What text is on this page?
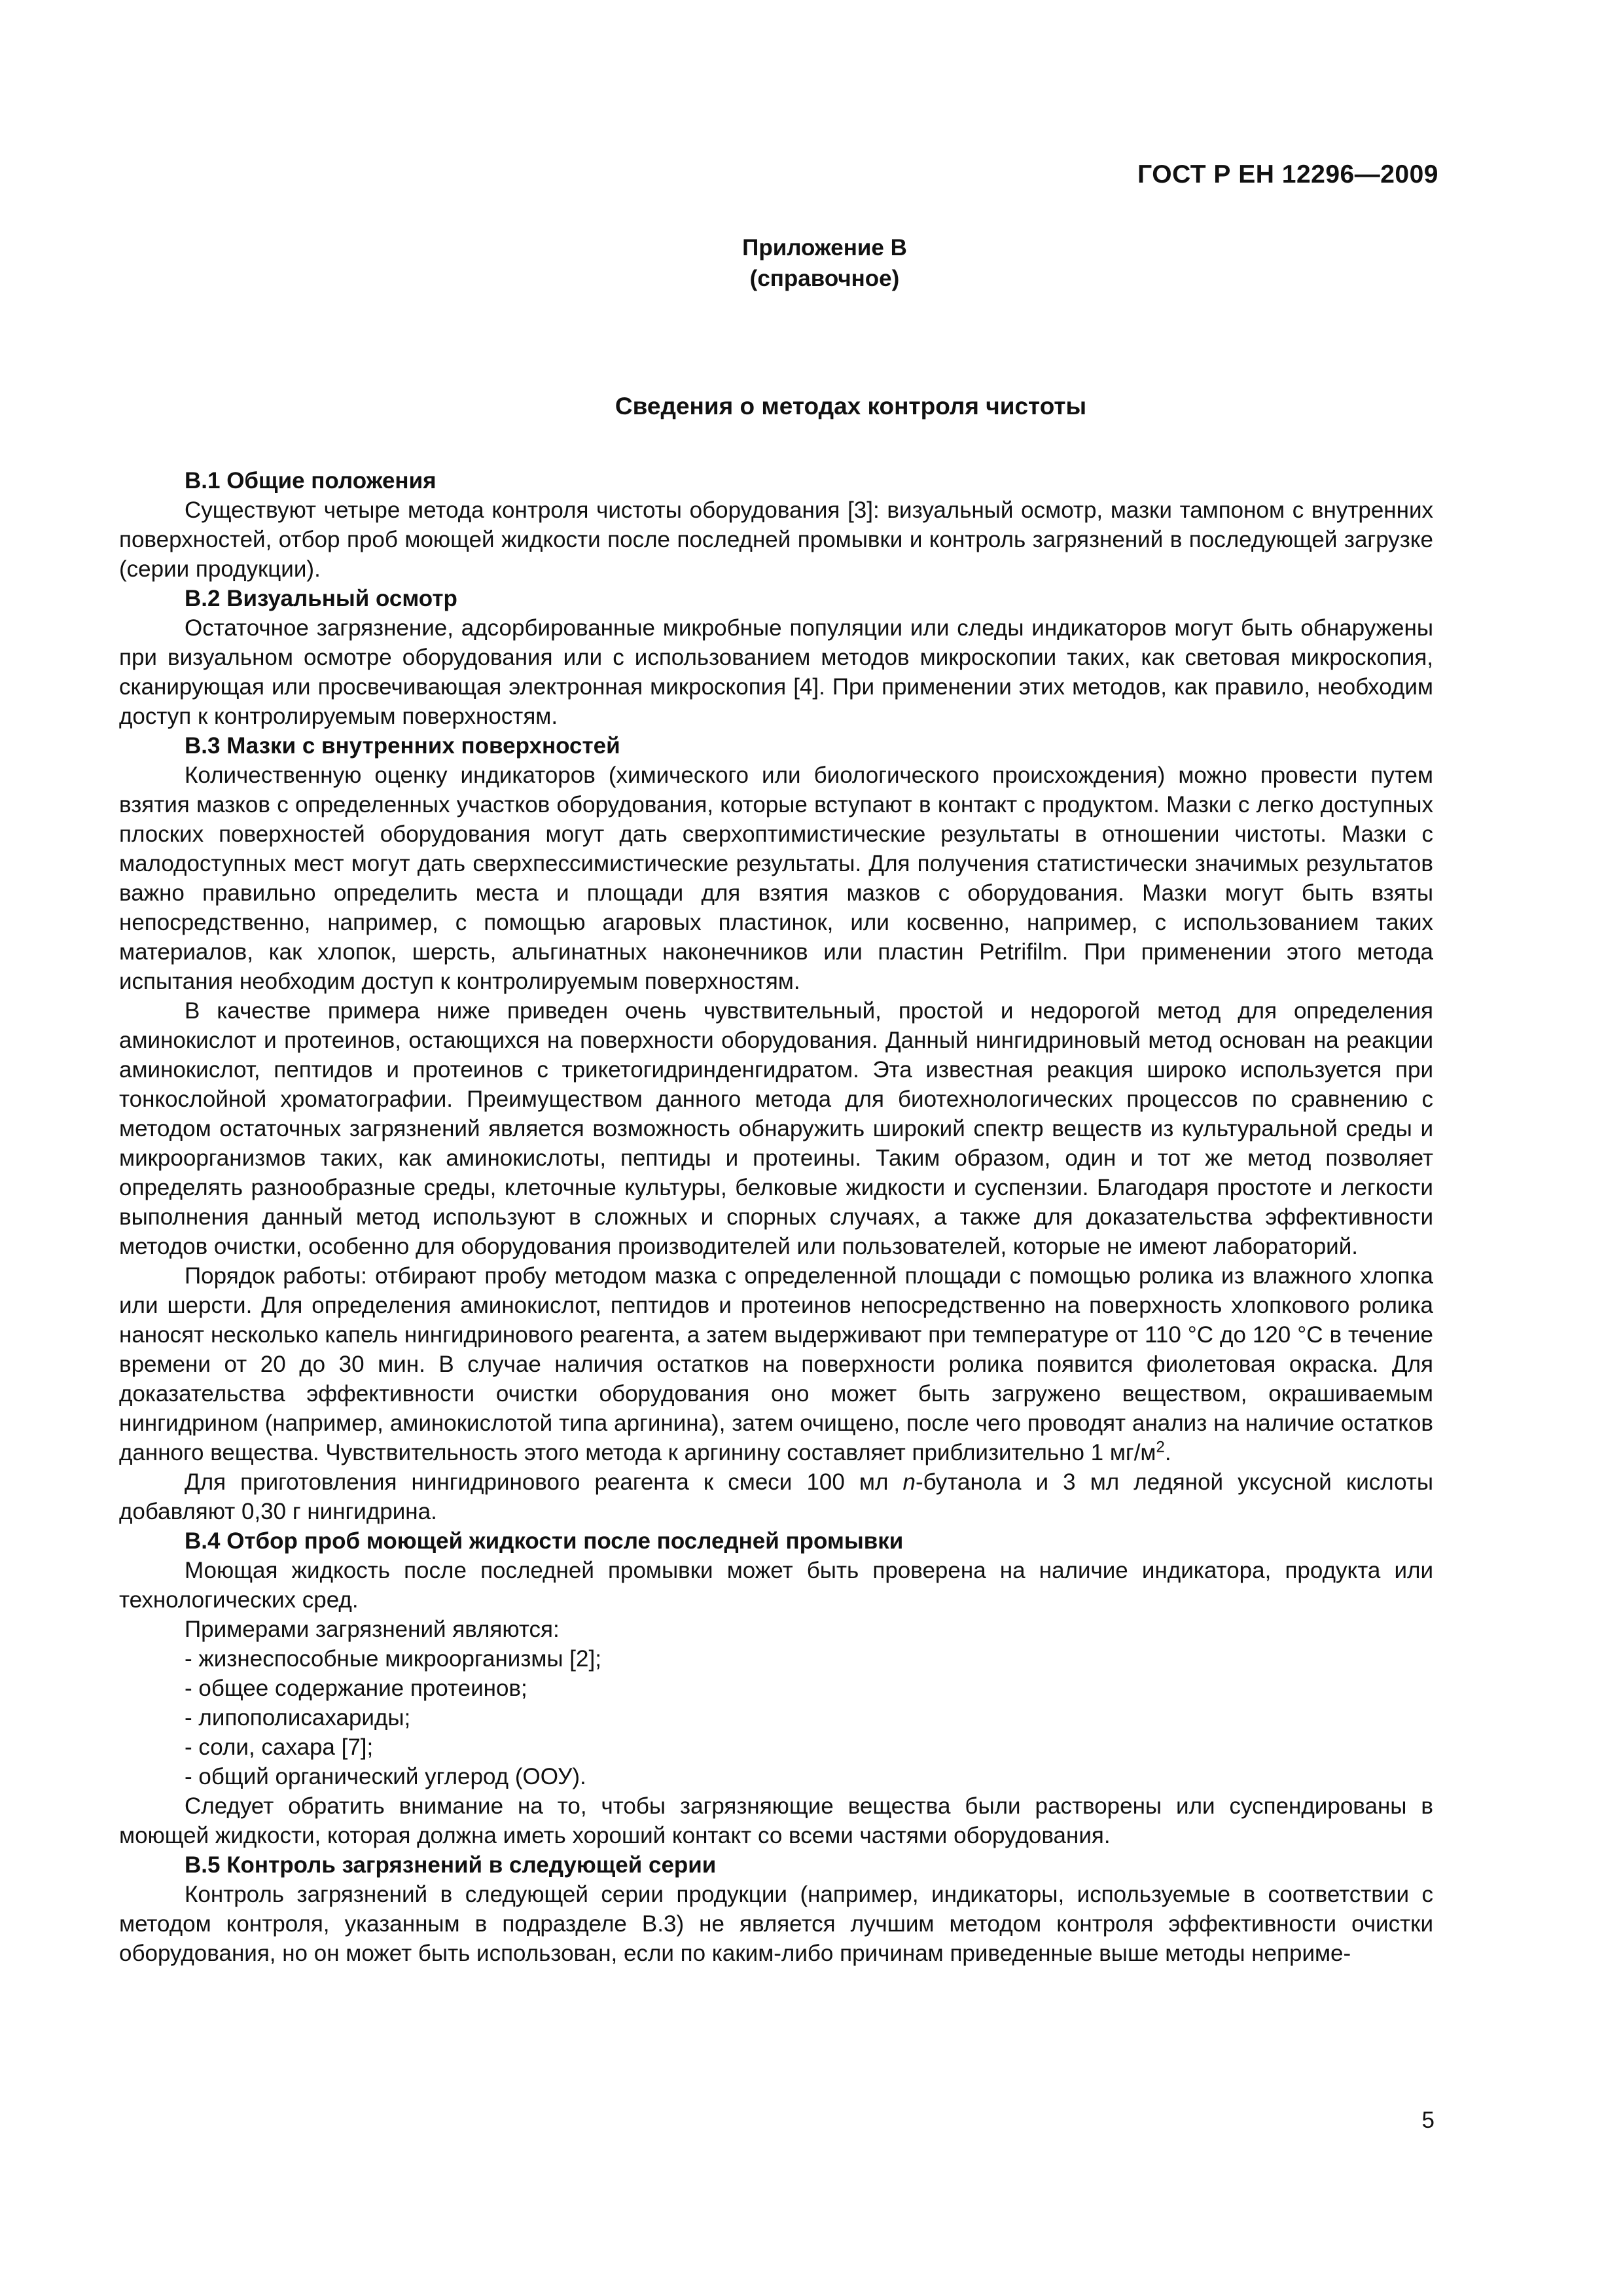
ГОСТ Р ЕН 12296—2009
Приложение В
(справочное)
Сведения о методах контроля чистоты
В.1 Общие положения

Существуют четыре метода контроля чистоты оборудования [3]: визуальный осмотр, мазки тампоном с внутренних поверхностей, отбор проб моющей жидкости после последней промывки и контроль загрязнений в последующей загрузке (серии продукции).

В.2 Визуальный осмотр

Остаточное загрязнение, адсорбированные микробные популяции или следы индикаторов могут быть обнаружены при визуальном осмотре оборудования или с использованием методов микроскопии таких, как световая микроскопия, сканирующая или просвечивающая электронная микроскопия [4]. При применении этих методов, как правило, необходим доступ к контролируемым поверхностям.

В.3 Мазки с внутренних поверхностей

Количественную оценку индикаторов (химического или биологического происхождения) можно провести путем взятия мазков с определенных участков оборудования, которые вступают в контакт с продуктом. Мазки с легко доступных плоских поверхностей оборудования могут дать сверхоптимистические результаты в отношении чистоты. Мазки с малодоступных мест могут дать сверхпессимистические результаты. Для получения статистически значимых результатов важно правильно определить места и площади для взятия мазков с оборудования. Мазки могут быть взяты непосредственно, например, с помощью агаровых пластинок, или косвенно, например, с использованием таких материалов, как хлопок, шерсть, альгинатных наконечников или пластин Petrifilm. При применении этого метода испытания необходим доступ к контролируемым поверхностям.

В качестве примера ниже приведен очень чувствительный, простой и недорогой метод для определения аминокислот и протеинов, остающихся на поверхности оборудования. Данный нингидриновый метод основан на реакции аминокислот, пептидов и протеинов с трикетогидринденгидратом. Эта известная реакция широко используется при тонкослойной хроматографии. Преимуществом данного метода для биотехнологических процессов по сравнению с методом остаточных загрязнений является возможность обнаружить широкий спектр веществ из культуральной среды и микроорганизмов таких, как аминокислоты, пептиды и протеины. Таким образом, один и тот же метод позволяет определять разнообразные среды, клеточные культуры, белковые жидкости и суспензии. Благодаря простоте и легкости выполнения данный метод используют в сложных и спорных случаях, а также для доказательства эффективности методов очистки, особенно для оборудования производителей или пользователей, которые не имеют лабораторий.

Порядок работы: отбирают пробу методом мазка с определенной площади с помощью ролика из влажного хлопка или шерсти. Для определения аминокислот, пептидов и протеинов непосредственно на поверхность хлопкового ролика наносят несколько капель нингидринового реагента, а затем выдерживают при температуре от 110 °С до 120 °С в течение времени от 20 до 30 мин. В случае наличия остатков на поверхности ролика появится фиолетовая окраска. Для доказательства эффективности очистки оборудования оно может быть загружено веществом, окрашиваемым нингидрином (например, аминокислотой типа аргинина), затем очищено, после чего проводят анализ на наличие остатков данного вещества. Чувствительность этого метода к аргинину составляет приблизительно 1 $мг/м^2$.

Для приготовления нингидринового реагента к смеси 100 мл n-бутанола и 3 мл ледяной уксусной кислоты добавляют 0,30 г нингидрина.

В.4 Отбор проб моющей жидкости после последней промывки

Моющая жидкость после последней промывки может быть проверена на наличие индикатора, продукта или технологических сред.

Примерами загрязнений являются:

- жизнеспособные микроорганизмы [2];
- общее содержание протеинов;
- липополисахариды;
- соли, сахара [7];
- общий органический углерод (ООУ).

Следует обратить внимание на то, чтобы загрязняющие вещества были растворены или суспендированы в моющей жидкости, которая должна иметь хороший контакт со всеми частями оборудования.

В.5 Контроль загрязнений в следующей серии

Контроль загрязнений в следующей серии продукции (например, индикаторы, используемые в соответствии с методом контроля, указанным в подразделе В.3) не является лучшим методом контроля эффективности очистки оборудования, но он может быть использован, если по каким-либо причинам приведенные выше методы неприме-

5
